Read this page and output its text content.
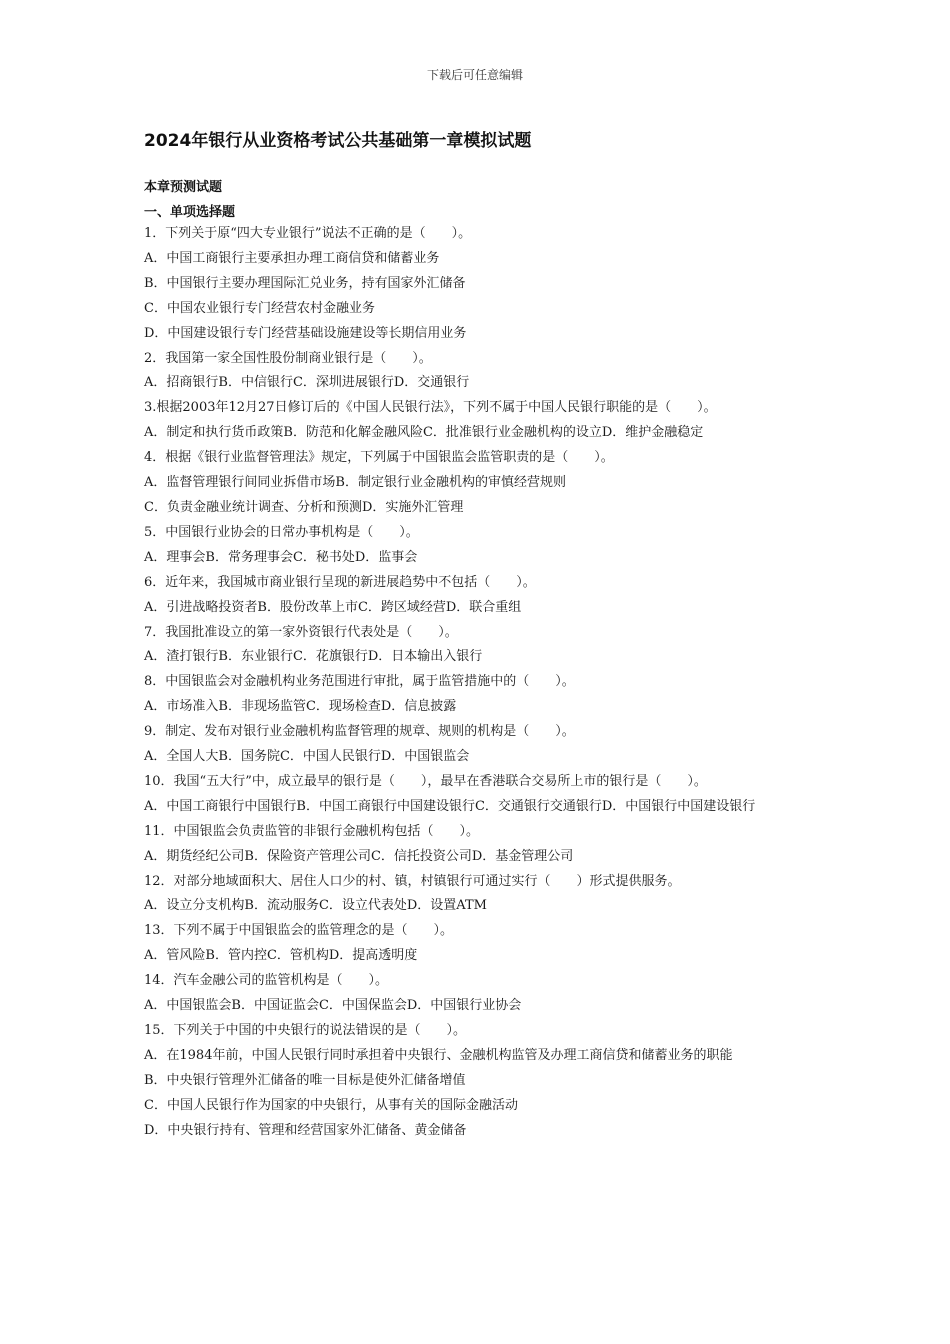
下载后可任意编辑
2024年银行从业资格考试公共基础第一章模拟试题
本章预测试题
一、单项选择题
1．下列关于原“四大专业银行”说法不正确的是（　　）。
A．中国工商银行主要承担办理工商信贷和储蓄业务
B．中国银行主要办理国际汇兑业务，持有国家外汇储备
C．中国农业银行专门经营农村金融业务
D．中国建设银行专门经营基础设施建设等长期信用业务
2．我国第一家全国性股份制商业银行是（　　）。
A．招商银行B．中信银行C．深圳进展银行D．交通银行
3.根据2003年12月27日修订后的《中国人民银行法》，下列不属于中国人民银行职能的是（　　）。
A．制定和执行货币政策B．防范和化解金融风险C．批准银行业金融机构的设立D．维护金融稳定
4．根据《银行业监督管理法》规定，下列属于中国银监会监管职责的是（　　）。
A．监督管理银行间同业拆借市场B．制定银行业金融机构的审慎经营规则
C．负责金融业统计调查、分析和预测D．实施外汇管理
5．中国银行业协会的日常办事机构是（　　）。
A．理事会B．常务理事会C．秘书处D．监事会
6．近年来，我国城市商业银行呈现的新进展趋势中不包括（　　）。
A．引进战略投资者B．股份改革上市C．跨区域经营D．联合重组
7．我国批准设立的第一家外资银行代表处是（　　）。
A．渣打银行B．东业银行C．花旗银行D．日本输出入银行
8．中国银监会对金融机构业务范围进行审批，属于监管措施中的（　　）。
A．市场准入B．非现场监管C．现场检查D．信息披露
9．制定、发布对银行业金融机构监督管理的规章、规则的机构是（　　）。
A．全国人大B．国务院C．中国人民银行D．中国银监会
10．我国“五大行”中，成立最早的银行是（　　），最早在香港联合交易所上市的银行是（　　）。
A．中国工商银行中国银行B．中国工商银行中国建设银行C．交通银行交通银行D．中国银行中国建设银行
11．中国银监会负责监管的非银行金融机构包括（　　）。
A．期货经纪公司B．保险资产管理公司C．信托投资公司D．基金管理公司
12．对部分地域面积大、居住人口少的村、镇，村镇银行可通过实行（　　）形式提供服务。
A．设立分支机构B．流动服务C．设立代表处D．设置ATM
13．下列不属于中国银监会的监管理念的是（　　）。
A．管风险B．管内控C．管机构D．提高透明度
14．汽车金融公司的监管机构是（　　）。
A．中国银监会B．中国证监会C．中国保监会D．中国银行业协会
15．下列关于中国的中央银行的说法错误的是（　　）。
A．在1984年前，中国人民银行同时承担着中央银行、金融机构监管及办理工商信贷和储蓄业务的职能
B．中央银行管理外汇储备的唯一目标是使外汇储备增值
C．中国人民银行作为国家的中央银行，从事有关的国际金融活动
D．中央银行持有、管理和经营国家外汇储备、黄金储备
